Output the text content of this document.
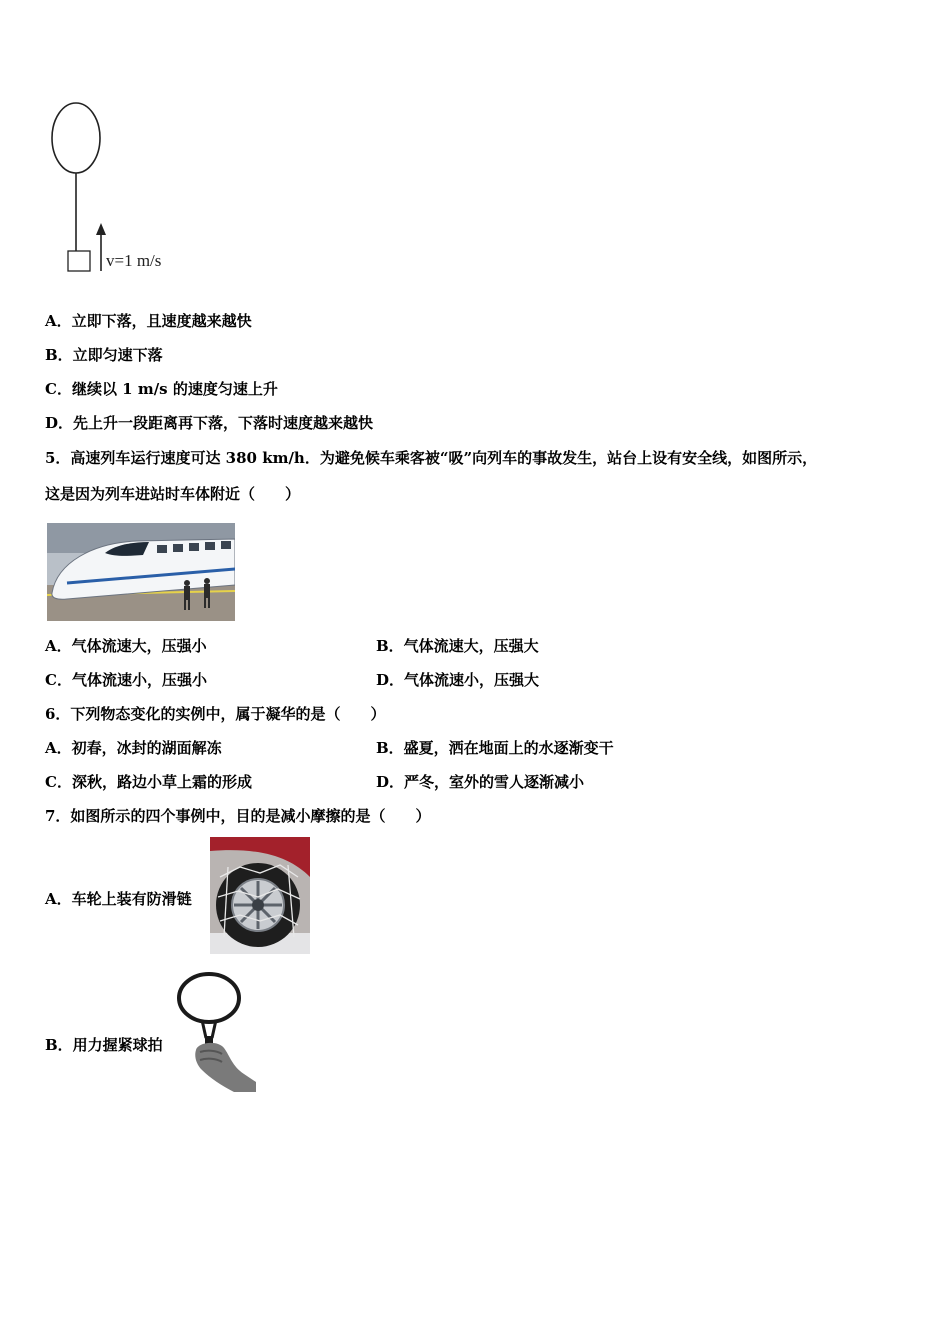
v=1 m/s
A．立即下落，且速度越来越快
B．立即匀速下落
C．继续以 1 m/s 的速度匀速上升
D．先上升一段距离再下落，下落时速度越来越快
5．高速列车运行速度可达 380 km/h．为避免候车乘客被“吸”向列车的事故发生，站台上设有安全线，如图所示，
这是因为列车进站时车体附近（　　）
A．气体流速大，压强小	B．气体流速大，压强大
C．气体流速小，压强小	D．气体流速小，压强大
6．下列物态变化的实例中，属于凝华的是（　　）
A．初春，冰封的湖面解冻	B．盛夏，洒在地面上的水逐渐变干
C．深秋，路边小草上霜的形成	D．严冬，室外的雪人逐渐减小
7．如图所示的四个事例中，目的是减小摩擦的是（　　）
A．车轮上装有防滑链
B．用力握紧球拍
